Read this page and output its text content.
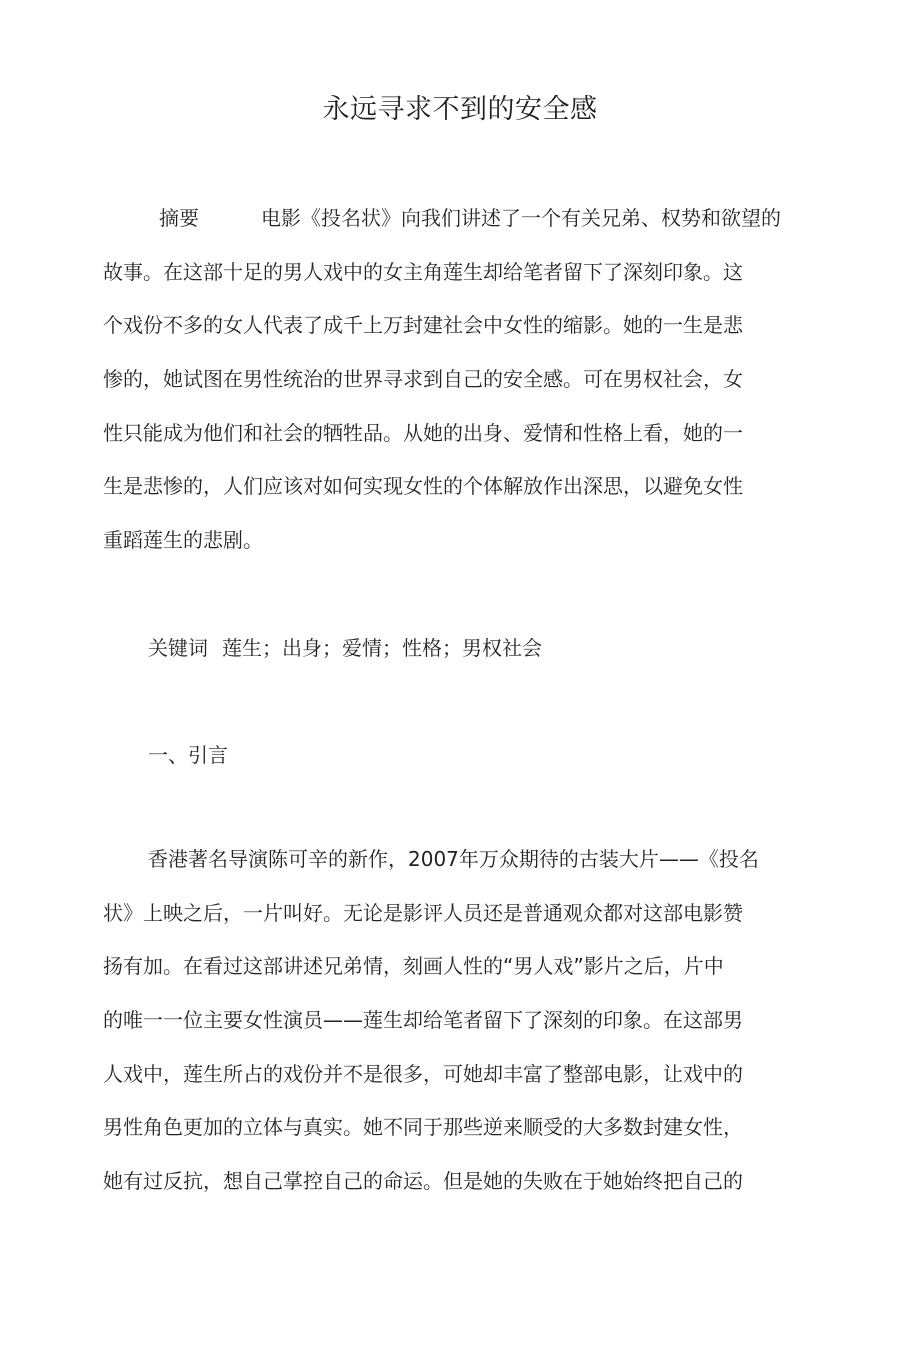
永远寻求不到的安全感
摘要	电影《投名状》向我们讲述了一个有关兄弟、权势和欲望的
故事。在这部十足的男人戏中的女主角莲生却给笔者留下了深刻印象。这
个戏份不多的女人代表了成千上万封建社会中女性的缩影。她的一生是悲
惨的，她试图在男性统治的世界寻求到自己的安全感。可在男权社会，女
性只能成为他们和社会的牺牲品。从她的出身、爱情和性格上看，她的一
生是悲惨的，人们应该对如何实现女性的个体解放作出深思，以避免女性
重蹈莲生的悲剧。
关键词 莲生；出身；爱情；性格；男权社会
一、引言
香港著名导演陈可辛的新作，2007年万众期待的古装大片——《投名
状》上映之后，一片叫好。无论是影评人员还是普通观众都对这部电影赞
扬有加。在看过这部讲述兄弟情，刻画人性的“男人戏”影片之后，片中
的唯一一位主要女性演员——莲生却给笔者留下了深刻的印象。在这部男
人戏中，莲生所占的戏份并不是很多，可她却丰富了整部电影，让戏中的
男性角色更加的立体与真实。她不同于那些逆来顺受的大多数封建女性，
她有过反抗，想自己掌控自己的命运。但是她的失败在于她始终把自己的
